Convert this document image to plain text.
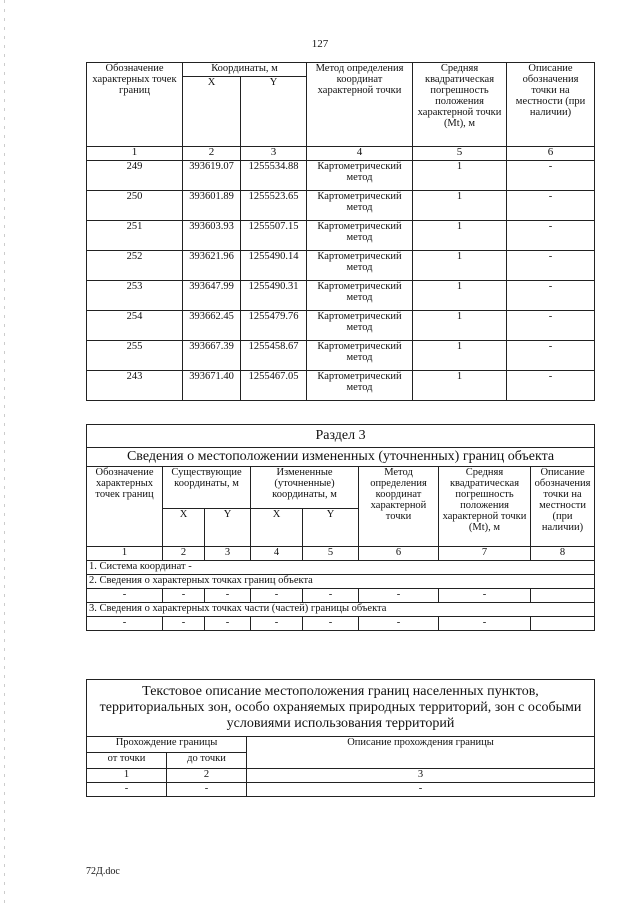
127
Обозначение характерных точек границ	Координаты, м		Метод определения координат характерной точки	Средняя квадратическая погрешность положения характерной точки (Mt), м	Описание обозначения точки на местности (при наличии)
	X	Y			
1	2	3	4	5	6
249	393619.07	1255534.88	Картометрический метод	1	-
250	393601.89	1255523.65	Картометрический метод	1	-
251	393603.93	1255507.15	Картометрический метод	1	-
252	393621.96	1255490.14	Картометрический метод	1	-
253	393647.99	1255490.31	Картометрический метод	1	-
254	393662.45	1255479.76	Картометрический метод	1	-
255	393667.39	1255458.67	Картометрический метод	1	-
243	393671.40	1255467.05	Картометрический метод	1	-
Раздел 3							
Сведения о местоположении измененных (уточненных) границ объекта							
Обозначение характерных точек границ	Существующие координаты, м		Измененные (уточненные) координаты, м		Метод определения координат характерной точки	Средняя квадратическая погрешность положения характерной точки (Mt), м	Описание обозначения точки на местности (при наличии)
	X	Y	X	Y			
1	2	3	4	5	6	7	8
1. Система координат -							
2. Сведения о характерных точках границ объекта							
-	-	-	-	-	-	-	
3. Сведения о характерных точках части (частей) границы объекта							
-	-	-	-	-	-	-	
Текстовое описание местоположения границ населенных пунктов, территориальных зон, особо охраняемых природных территорий, зон с особыми условиями использования территорий		
Прохождение границы		Описание прохождения границы
от точки	до точки	
1	2	3
-	-	-
72Д.doc
